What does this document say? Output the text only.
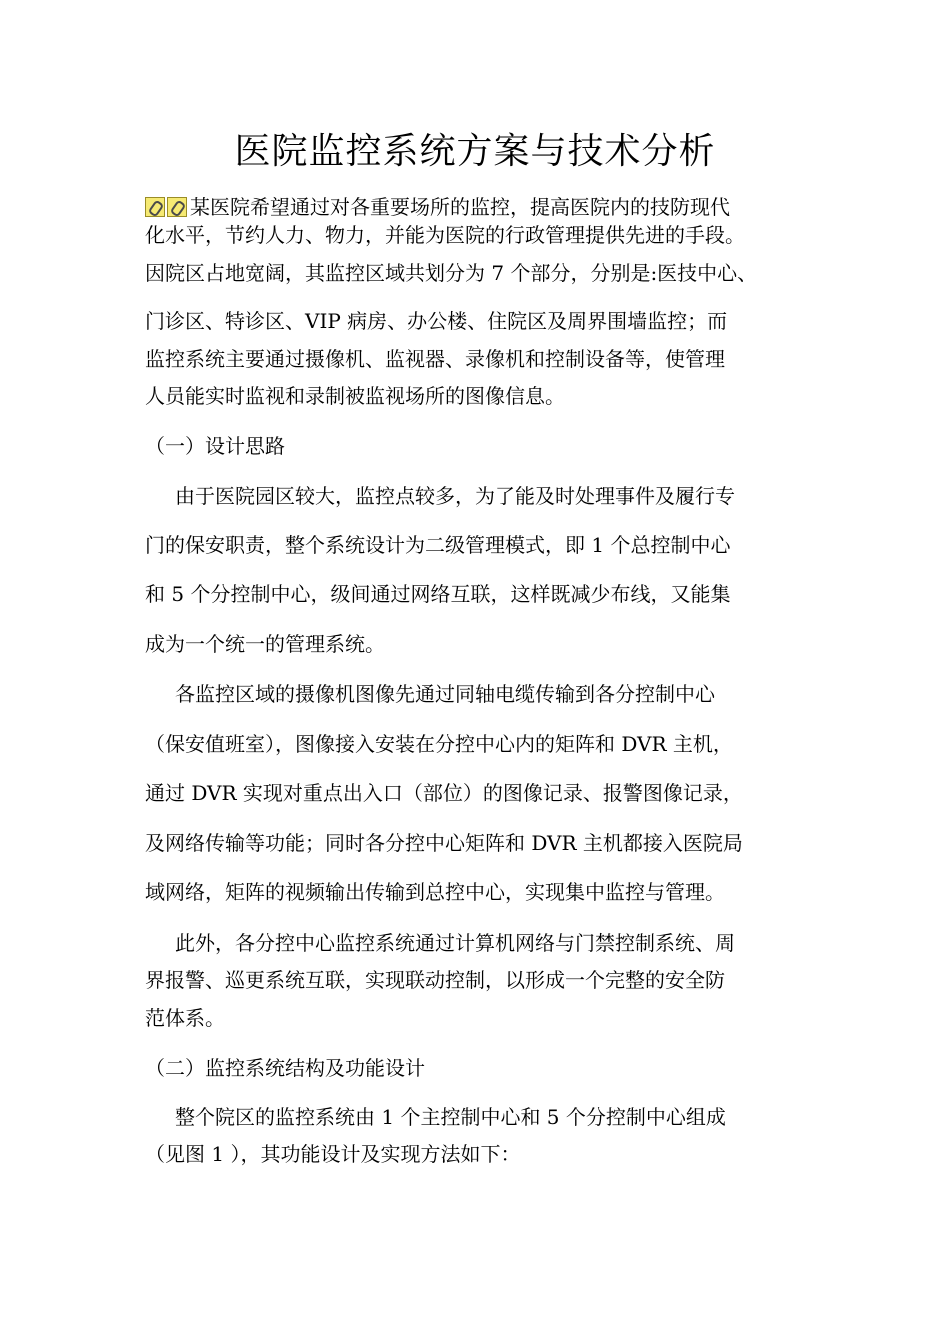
医院监控系统方案与技术分析
某医院希望通过对各重要场所的监控，提高医院内的技防现代
化水平，节约人力、物力，并能为医院的行政管理提供先进的手段。
因院区占地宽阔，其监控区域共划分为 7 个部分，分别是:医技中心、
门诊区、特诊区、VIP 病房、办公楼、住院区及周界围墙监控；而
监控系统主要通过摄像机、监视器、录像机和控制设备等，使管理
人员能实时监视和录制被监视场所的图像信息。
（一）设计思路
由于医院园区较大，监控点较多，为了能及时处理事件及履行专
门的保安职责，整个系统设计为二级管理模式，即 1 个总控制中心
和 5 个分控制中心，级间通过网络互联，这样既减少布线，又能集
成为一个统一的管理系统。
各监控区域的摄像机图像先通过同轴电缆传输到各分控制中心
（保安值班室），图像接入安装在分控中心内的矩阵和 DVR 主机，
通过 DVR 实现对重点出入口（部位）的图像记录、报警图像记录，
及网络传输等功能；同时各分控中心矩阵和 DVR 主机都接入医院局
域网络，矩阵的视频输出传输到总控中心，实现集中监控与管理。
此外，各分控中心监控系统通过计算机网络与门禁控制系统、周
界报警、巡更系统互联，实现联动控制，以形成一个完整的安全防
范体系。
（二）监控系统结构及功能设计
整个院区的监控系统由 1 个主控制中心和 5 个分控制中心组成
（见图 1 ），其功能设计及实现方法如下：
